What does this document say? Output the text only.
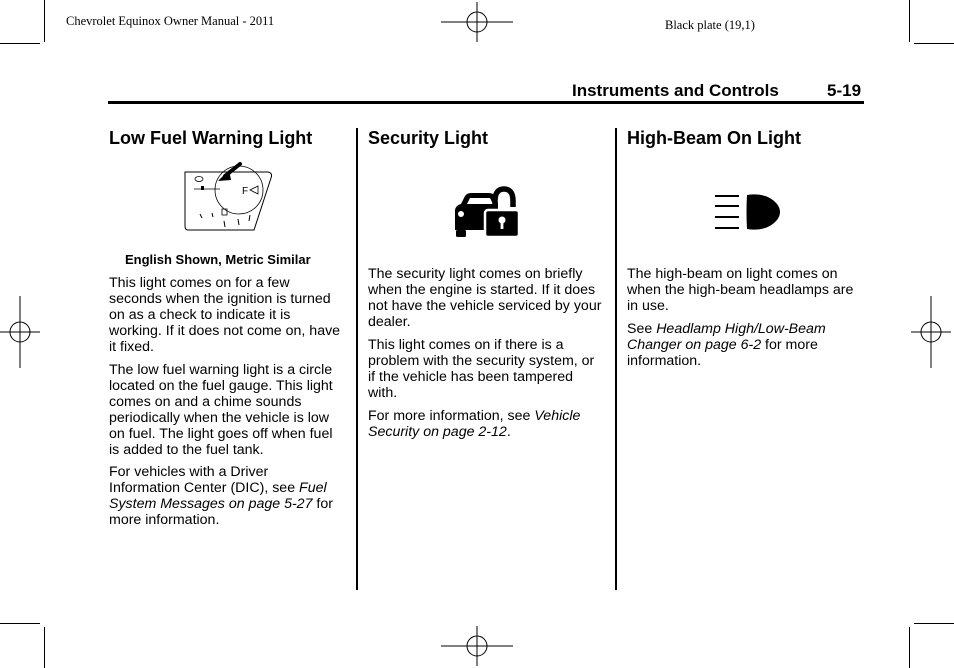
Chevrolet Equinox Owner Manual - 2011	Black plate (19,1)
Instruments and Controls	5-19
Low Fuel Warning Light
F
English Shown, Metric Similar

This light comes on for a few seconds when the ignition is turned on as a check to indicate it is working. If it does not come on, have it fixed.

The low fuel warning light is a circle located on the fuel gauge. This light comes on and a chime sounds periodically when the vehicle is low on fuel. The light goes off when fuel is added to the fuel tank.

For vehicles with a Driver
Information Center (DIC), see Fuel
System Messages on page 5-27 for
more information.
Security Light

The security light comes on briefly when the engine is started. If it does not have the vehicle serviced by your dealer.

This light comes on if there is a problem with the security system, or if the vehicle has been tampered with.

For more information, see Vehicle Security on page 2-12.

High-Beam On Light

The high-beam on light comes on when the high-beam headlamps are in use.

See Headlamp High/Low-Beam Changer on page 6-2 for more information.
